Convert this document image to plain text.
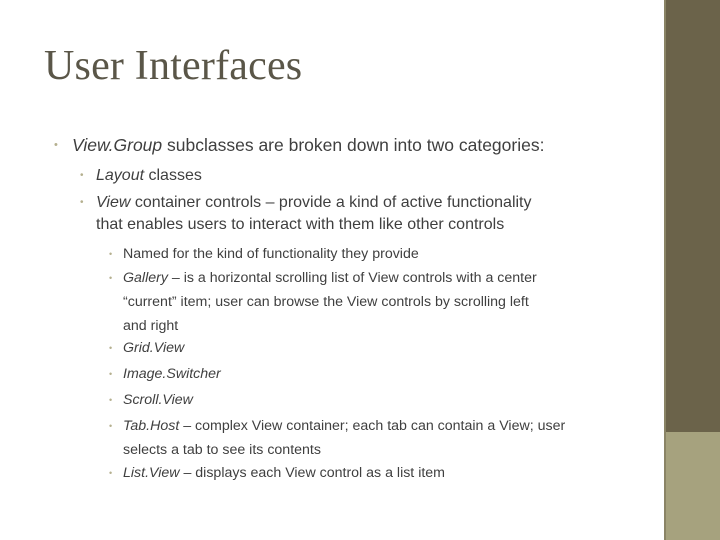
User Interfaces
• View.Group subclasses are broken down into two categories:
• Layout classes
• View container controls – provide a kind of active functionality
that enables users to interact with them like other controls
• Named for the kind of functionality they provide
• Gallery – is a horizontal scrolling list of View controls with a center
“current” item; user can browse the View controls by scrolling left
and right
• Grid.View
• Image.Switcher
• Scroll.View
• Tab.Host – complex View container; each tab can contain a View; user
selects a tab to see its contents
• List.View – displays each View control as a list item
